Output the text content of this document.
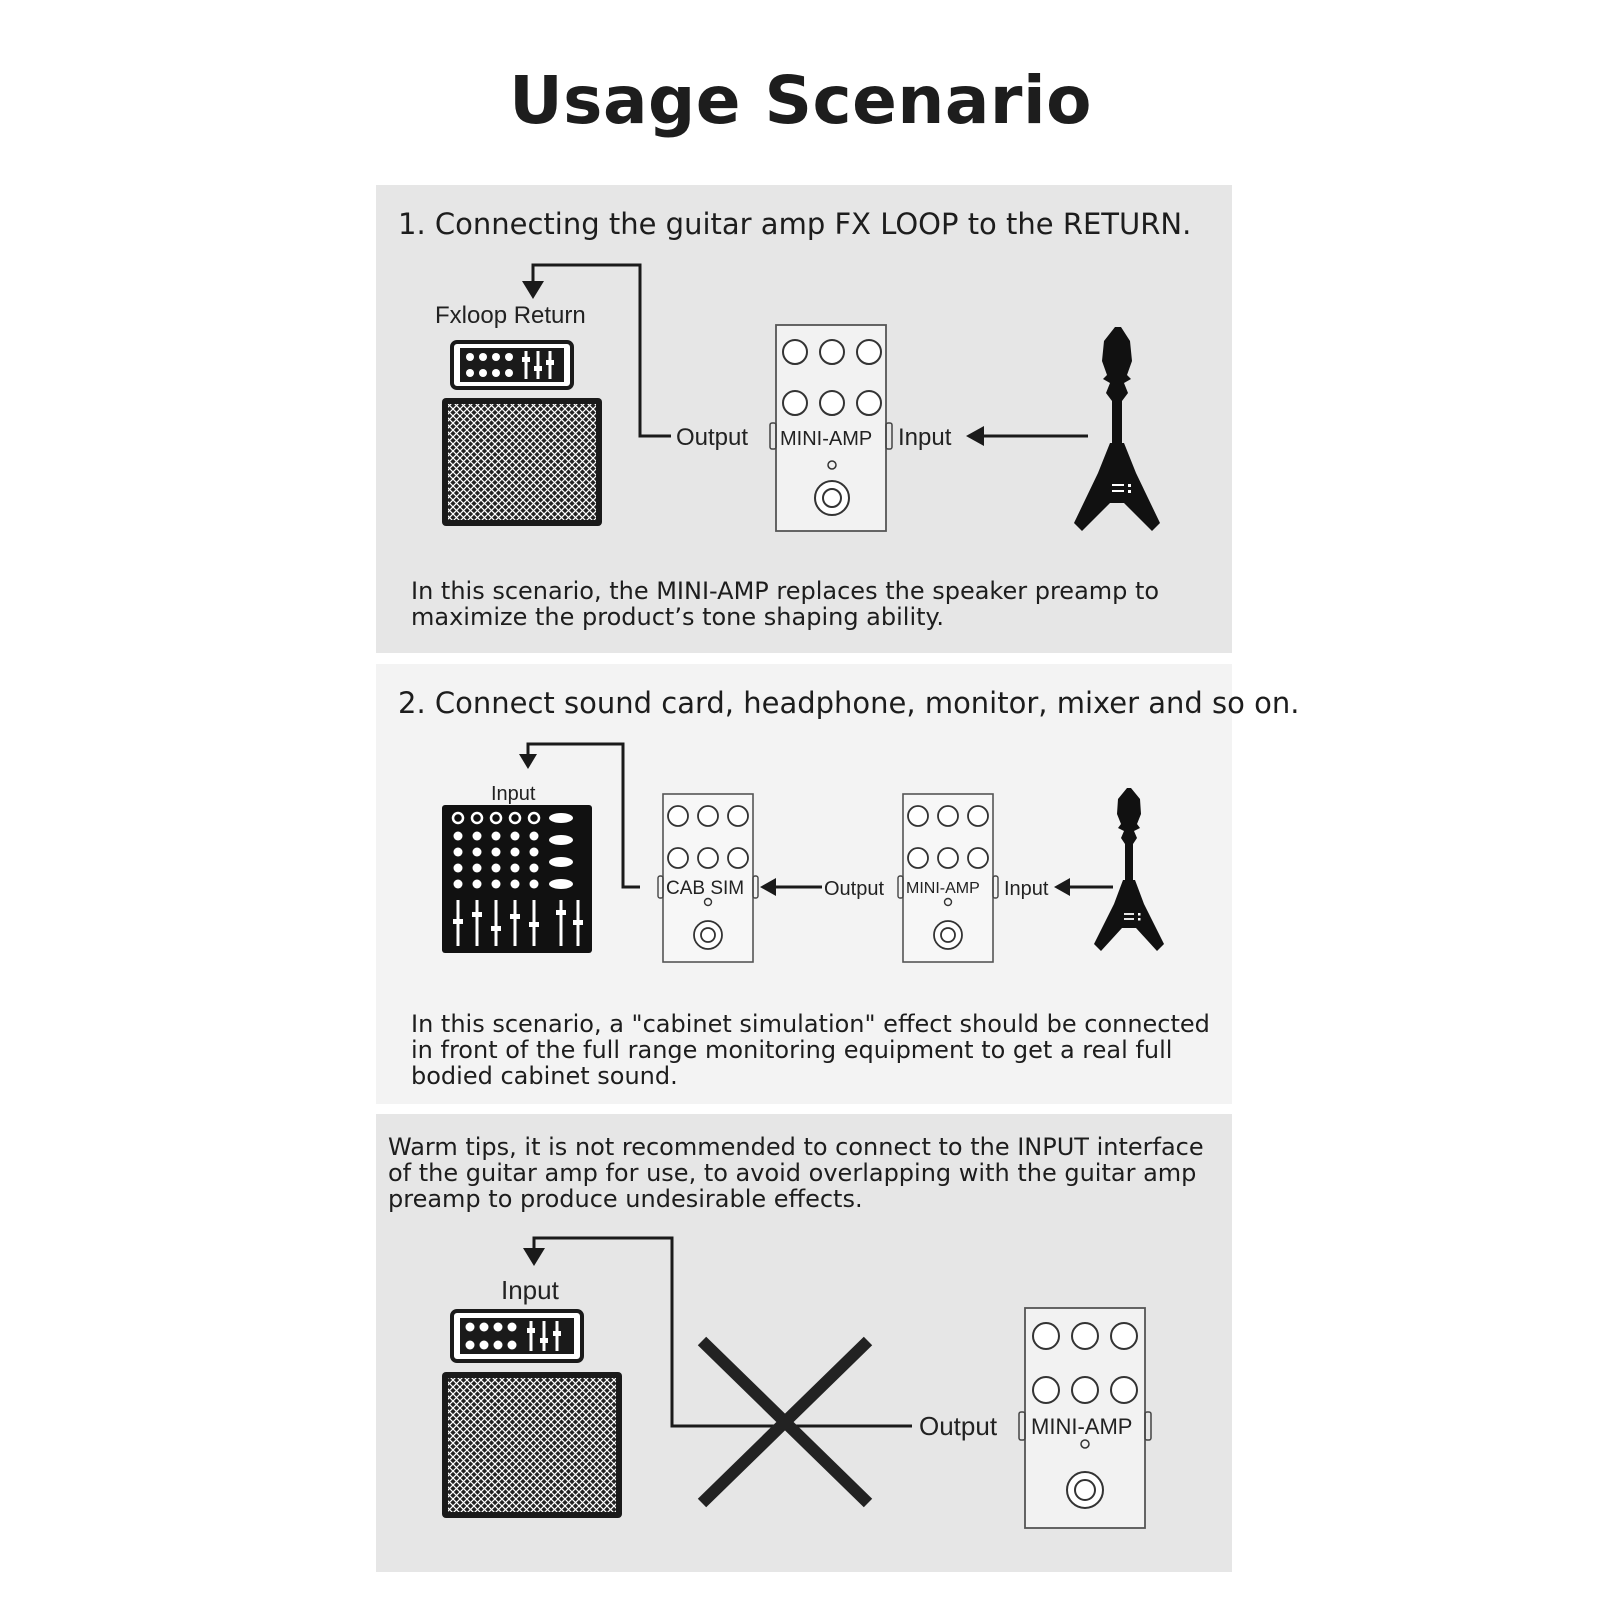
Usage Scenario
1. Connecting the guitar amp FX LOOP to the RETURN.
Fxloop Return
Output MINI-AMP Input
In this scenario, the MINI-AMP replaces the speaker preamp to
maximize the product’s tone shaping ability.
2. Connect sound card, headphone, monitor, mixer and so on.
Input
CAB SIM	Output MINI-AMP Input
In this scenario, a "cabinet simulation" effect should be connected
in front of the full range monitoring equipment to get a real full
bodied cabinet sound.
Warm tips, it is not recommended to connect to the INPUT interface
of the guitar amp for use, to avoid overlapping with the guitar amp
preamp to produce undesirable effects.
Input
Output MINI-AMP
